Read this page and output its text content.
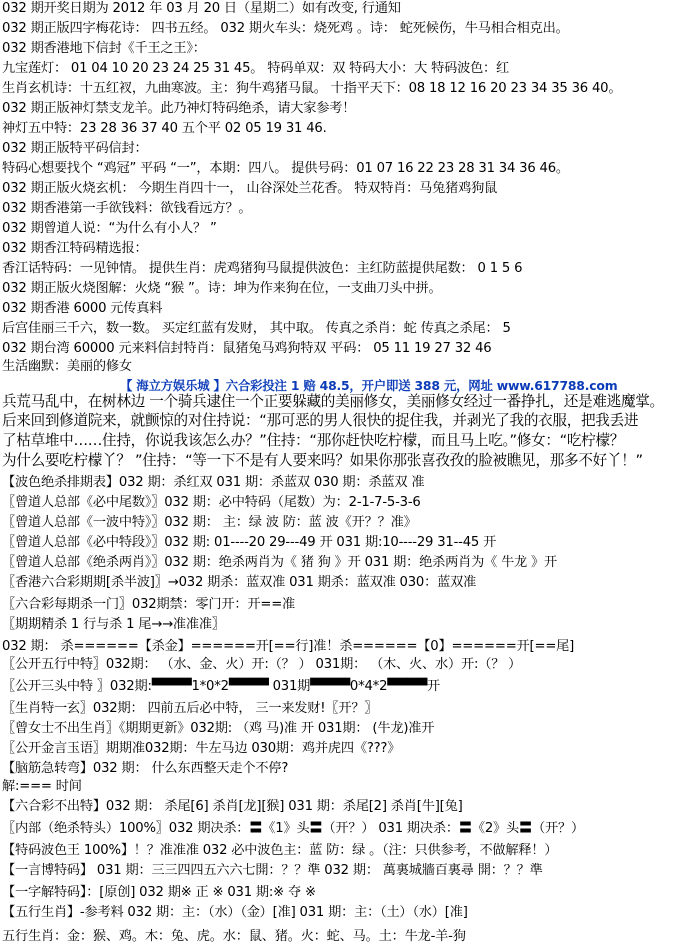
032 期开奖日期为 2012 年 03 月 20 日（星期二）如有改变, 行通知
032 期正版四字梅花诗： 四书五经。 032 期火车头：烧死鸡 。诗： 蛇死候伤，牛马相合相克出。
032 期香港地下信封《千王之王》：
九宝莲灯： 01 04 10 20 23 24 25 31 45。 特码单双：双 特码大小：大 特码波色：红
生肖玄机诗：十五红衩，九曲寒波。主：狗牛鸡猪马鼠。 十指平天下：08 18 12 16 20 23 34 35 36 40。
032 期正版神灯禁支龙羊。此乃神灯特码绝杀，请大家参考！
神灯五中特：23 28 36 37 40 五个平 02 05 19 31 46.
032 期正版特平码信封：
特码心想要找个 “鸡冠” 平码 “一”，本期：四八。 提供号码：01 07 16 22 23 28 31 34 36 46。
032 期正版火烧玄机： 今期生肖四十一， 山谷深处兰花香。 特双特肖：马兔猪鸡狗鼠
032 期香港第一手欲钱料：欲钱看远方？。
032 期曾道人说：“为什么有小人？ ”
032 期香江特码精选报：
香江话特码：一见钟情。 提供生肖：虎鸡猪狗马鼠提供波色：主红防蓝提供尾数： 0 1 5 6
032 期正版火烧图解：火烧 “猴 ”。诗：坤为作来狗在位，一支曲刀头中拼。
032 期香港 6000 元传真料
后宫佳丽三千六，数一数。 买定红蓝有发财， 其中取。 传真之杀肖：蛇 传真之杀尾： 5
032 期台湾 60000 元来料信封特肖：鼠猪兔马鸡狗特双 平码： 05 11 19 27 32 46
生活幽默：美丽的修女
【 海立方娱乐城 】六合彩投注 1 赔 48.5，开户即送 388 元，网址 www.617788.com
兵荒马乱中，在树林边 一个骑兵逮住一个正要躲藏的美丽修女，美丽修女经过一番挣扎，还是难逃魔掌。
后来回到修道院来，就颤惊的对住持说：“那可恶的男人很快的捉住我，并剥光了我的衣服，把我丢进
了枯草堆中……住持，你说我该怎么办？”住持：“那你赶快吃柠檬，而且马上吃。”修女：“吃柠檬？
为什么要吃柠檬丫？ ”住持：“等一下不是有人要来吗？如果你那张喜孜孜的脸被瞧见，那多不好丫！”
【波色绝杀排期表】032 期：杀红双 031 期：杀蓝双 030 期：杀蓝双 准
〖曾道人总部《必中尾数》〗032 期：必中特码（尾数）为：2-1-7-5-3-6
〖曾道人总部《一波中特》〗032 期： 主：绿 波 防：蓝 波《开？？准》
〖曾道人总部《必中特段》〗032 期: 01----20 29---49 开 031 期:10----29 31--45 开
〖曾道人总部《绝杀两肖》〗032 期：绝杀两肖为《 猪 狗 》开 031 期：绝杀两肖为《 牛龙 》开
〖香港六合彩期期[杀半波]〗→032 期杀：蓝双准 031 期杀：蓝双准 030：蓝双准
〖六合彩每期杀一门〗032期禁：零门开：开==准
〖期期精杀 1 行与杀 1 尾→→准准准〗
032 期： 杀======【杀金】======开[==行]准！杀======【0】======开[==尾]
〖公开五行中特〗032期： （水、金、火）开:（？ ） 031期： （木、火、水）开:（？ ）
〖公开三头中特 〗032期:▀▀▀▀1*0*2▀▀▀▀ 031期▀▀▀▀0*4*2▀▀▀▀开
〖生肖特一玄〗032期： 四前五后必中特， 三一来发财!〖开？〗
〖曾女士不出生肖〗《期期更新》032期: （鸡 马)准 开 031期： (牛龙)准开
〖公开金言玉语〗期期准032期：牛左马边 030期：鸡并虎四《???》
【脑筋急转弯】032 期： 什么东西整天走个不停?
解:=== 时间
【六合彩不出特】032 期： 杀尾[6] 杀肖[龙][猴] 031 期：杀尾[2] 杀肖[牛][兔]
〖内部（绝杀特头）100%〗032 期决杀：〓《1》头〓（开？） 031 期决杀：〓《2》头〓（开？）
【特码波色王 100%】！？准准准 032 必中波色主：蓝 防：绿 。（注：只供参考，不做解释！）
【一言博特码】 031 期：三三四四五六六七開：？？準 032 期： 萬裏城牆百裏尋 開：？？準
【一字解特码】：[原创] 032 期※ 正 ※ 031 期:※ 夺 ※
【五行生肖】-参考料 032 期：主：（水）（金）[准] 031 期：主：（土）（水）[准]
五行生肖：金：猴、鸡。木：兔、虎。水：鼠、猪。火：蛇、马。土：牛龙-羊-狗
